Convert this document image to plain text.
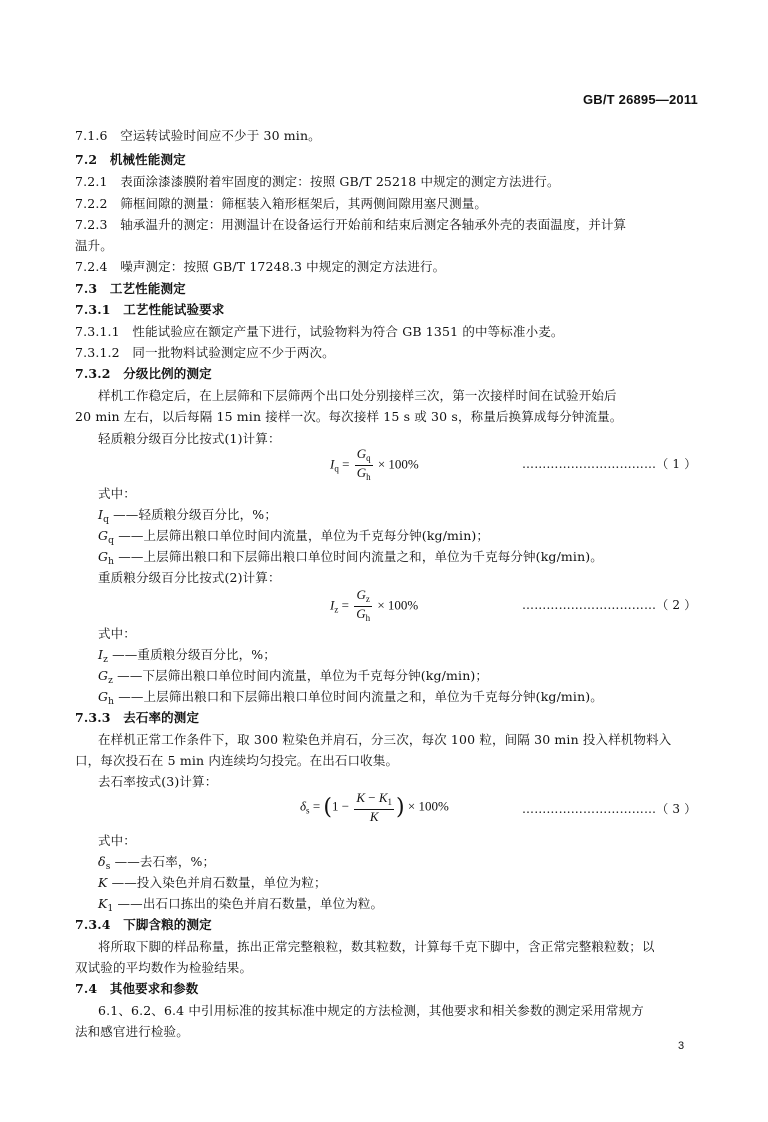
GB/T 26895—2011
7.1.6　空运转试验时间应不少于 30 min。
7.2　机械性能测定
7.2.1　表面涂漆漆膜附着牢固度的测定：按照 GB/T 25218 中规定的测定方法进行。
7.2.2　筛框间隙的测量：筛框装入箱形框架后，其两侧间隙用塞尺测量。
7.2.3　轴承温升的测定：用测温计在设备运行开始前和结束后测定各轴承外壳的表面温度，并计算
温升。
7.2.4　噪声测定：按照 GB/T 17248.3 中规定的测定方法进行。
7.3　工艺性能测定
7.3.1　工艺性能试验要求
7.3.1.1　性能试验应在额定产量下进行，试验物料为符合 GB 1351 的中等标准小麦。
7.3.1.2　同一批物料试验测定应不少于两次。
7.3.2　分级比例的测定
样机工作稳定后，在上层筛和下层筛两个出口处分别接样三次，第一次接样时间在试验开始后
20 min 左右，以后每隔 15 min 接样一次。每次接样 15 s 或 30 s，称量后换算成每分钟流量。
轻质粮分级百分比按式(1)计算：
$I_q = \frac{G_q}{G_h} \times 100\%$	……………………………（ 1 ）
式中：
$I_q$ ——轻质粮分级百分比，%；
$G_q$ ——上层筛出粮口单位时间内流量，单位为千克每分钟(kg/min)；
$G_h$ ——上层筛出粮口和下层筛出粮口单位时间内流量之和，单位为千克每分钟(kg/min)。
重质粮分级百分比按式(2)计算：
$I_z = \frac{G_z}{G_h} \times 100\%$	……………………………（ 2 ）
式中：
$I_z$ ——重质粮分级百分比，%；
$G_z$ ——下层筛出粮口单位时间内流量，单位为千克每分钟(kg/min)；
$G_h$ ——上层筛出粮口和下层筛出粮口单位时间内流量之和，单位为千克每分钟(kg/min)。
7.3.3　去石率的测定
在样机正常工作条件下，取 300 粒染色并肩石，分三次，每次 100 粒，间隔 30 min 投入样机物料入
口，每次投石在 5 min 内连续均匀投完。在出石口收集。
去石率按式(3)计算：
$\delta_s = (1 - \frac{K - K_1}{K}$ ) × 100%	……………………………（ 3 ）
式中：
$\delta_s$ ——去石率，%；
K ——投入染色并肩石数量，单位为粒；
$K_1$ ——出石口拣出的染色并肩石数量，单位为粒。
7.3.4　下脚含粮的测定
将所取下脚的样品称量，拣出正常完整粮粒，数其粒数，计算每千克下脚中，含正常完整粮粒数；以
双试验的平均数作为检验结果。
7.4　其他要求和参数
6.1、6.2、6.4 中引用标准的按其标准中规定的方法检测，其他要求和相关参数的测定采用常规方
法和感官进行检验。
3
